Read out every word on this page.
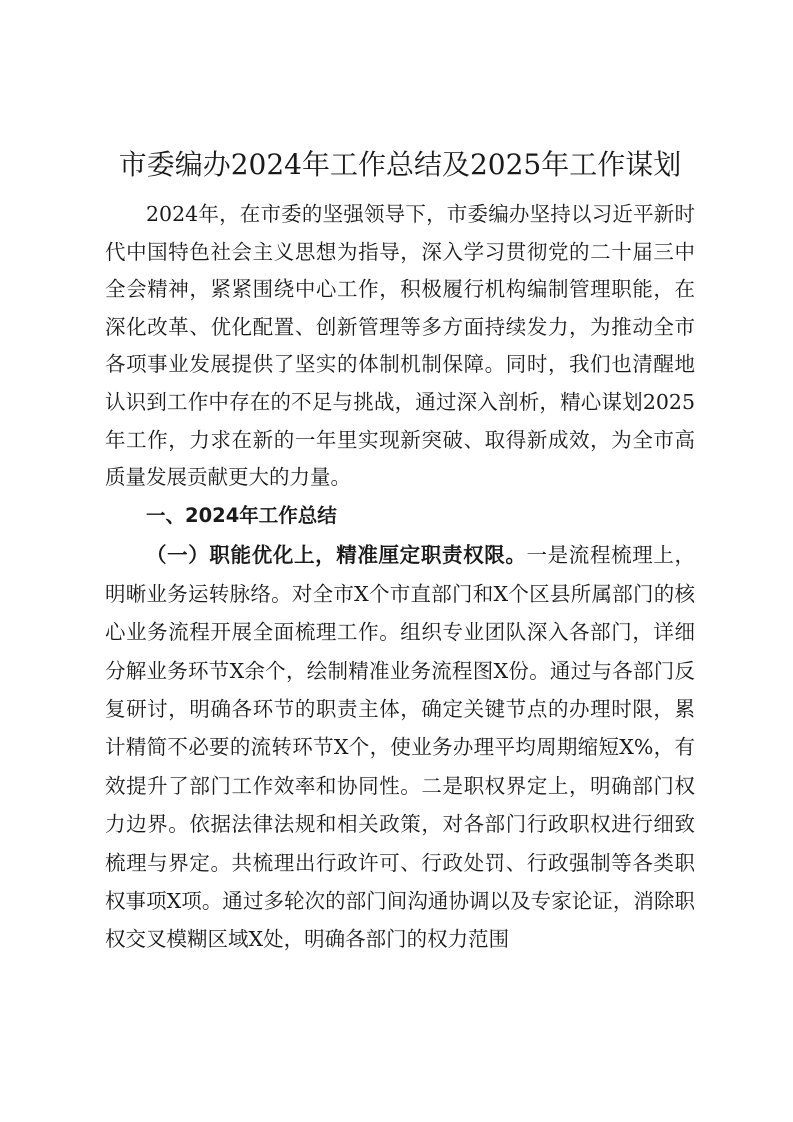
市委编办2024年工作总结及2025年工作谋划

2024年，在市委的坚强领导下，市委编办坚持以习近平新时代中国特色社会主义思想为指导，深入学习贯彻党的二十届三中全会精神，紧紧围绕中心工作，积极履行机构编制管理职能，在深化改革、优化配置、创新管理等多方面持续发力，为推动全市各项事业发展提供了坚实的体制机制保障。同时，我们也清醒地认识到工作中存在的不足与挑战，通过深入剖析，精心谋划2025年工作，力求在新的一年里实现新突破、取得新成效，为全市高质量发展贡献更大的力量。

一、2024年工作总结

（一）职能优化上，精准厘定职责权限。一是流程梳理上，明晰业务运转脉络。对全市X个市直部门和X个区县所属部门的核心业务流程开展全面梳理工作。组织专业团队深入各部门，详细分解业务环节X余个，绘制精准业务流程图X份。通过与各部门反复研讨，明确各环节的职责主体，确定关键节点的办理时限，累计精简不必要的流转环节X个，使业务办理平均周期缩短X%，有效提升了部门工作效率和协同性。二是职权界定上，明确部门权力边界。依据法律法规和相关政策，对各部门行政职权进行细致梳理与界定。共梳理出行政许可、行政处罚、行政强制等各类职权事项X项。通过多轮次的部门间沟通协调以及专家论证，消除职权交叉模糊区域X处，明确各部门的权力范围
